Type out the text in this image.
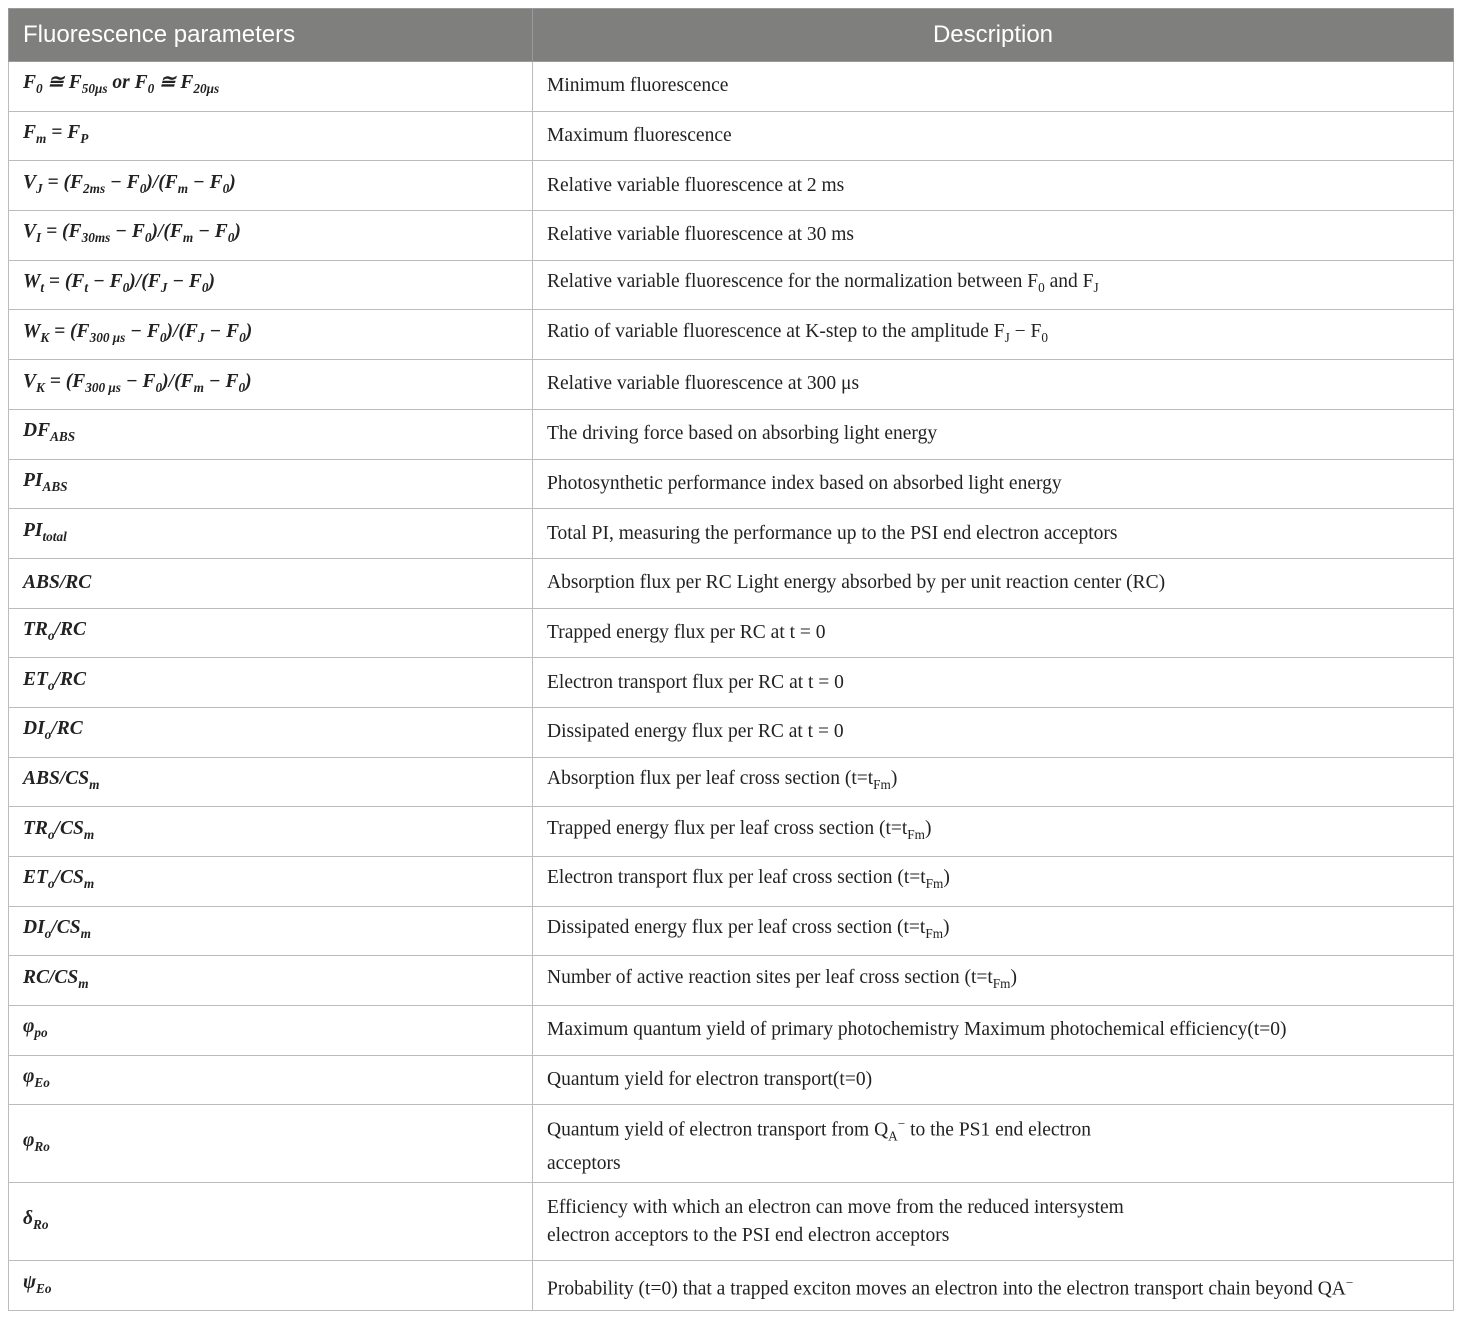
Fluorescence parameters	Description
$F_0$ ≅ $F_{50\mu s}$ or $F_0$ ≅ $F_{20\mu s}$	Minimum fluorescence
$F_m = F_P$	Maximum fluorescence
$V_J = (F_{2ms} - F_0)/(F_m - F_0)$	Relative variable fluorescence at 2 ms
$V_I = (F_{30ms} - F_0)/(F_m - F_0)$	Relative variable fluorescence at 30 ms
$W_t = (F_t - F_0)/(F_J - F_0)$	Relative variable fluorescence for the normalization between $F_0$ and $F_J$
$W_K = (F_{300 \mu s} - F_0)/(F_J - F_0)$	Ratio of variable fluorescence at K-step to the amplitude $F_J - F_0$
$V_K = (F_{300 \mu s} - F_0)/(F_m - F_0)$	Relative variable fluorescence at 300 μs
$DF_{ABS}$	The driving force based on absorbing light energy
$PI_{ABS}$	Photosynthetic performance index based on absorbed light energy
$PI_{total}$	Total PI, measuring the performance up to the PSI end electron acceptors
ABS/RC	Absorption flux per RC Light energy absorbed by per unit reaction center (RC)
$TR_o/RC$	Trapped energy flux per RC at t = 0
$ET_o/RC$	Electron transport flux per RC at t = 0
$DI_o/RC$	Dissipated energy flux per RC at t = 0
ABS/$CS_m$	Absorption flux per leaf cross section $(t=t_{Fm})$
$TR_o/CS_m$	Trapped energy flux per leaf cross section $(t=t_{Fm})$
$ET_o/CS_m$	Electron transport flux per leaf cross section $(t=t_{Fm})$
$DI_o/CS_m$	Dissipated energy flux per leaf cross section $(t=t_{Fm})$
$RC/CS_m$	Number of active reaction sites per leaf cross section $(t=t_{Fm})$
$\varphi_{po}$	Maximum quantum yield of primary photochemistry Maximum photochemical efficiency(t=0)
$\varphi_{Eo}$	Quantum yield for electron transport(t=0)
$\varphi_{Ro}$	Quantum yield of electron transport from $Q_A^-$ to the PS1 end electron
acceptors
$\delta_{Ro}$	Efficiency with which an electron can move from the reduced intersystem
electron acceptors to the PSI end electron acceptors
$\psi_{Eo}$	Probability (t=0) that a trapped exciton moves an electron into the electron transport chain beyond QA−
